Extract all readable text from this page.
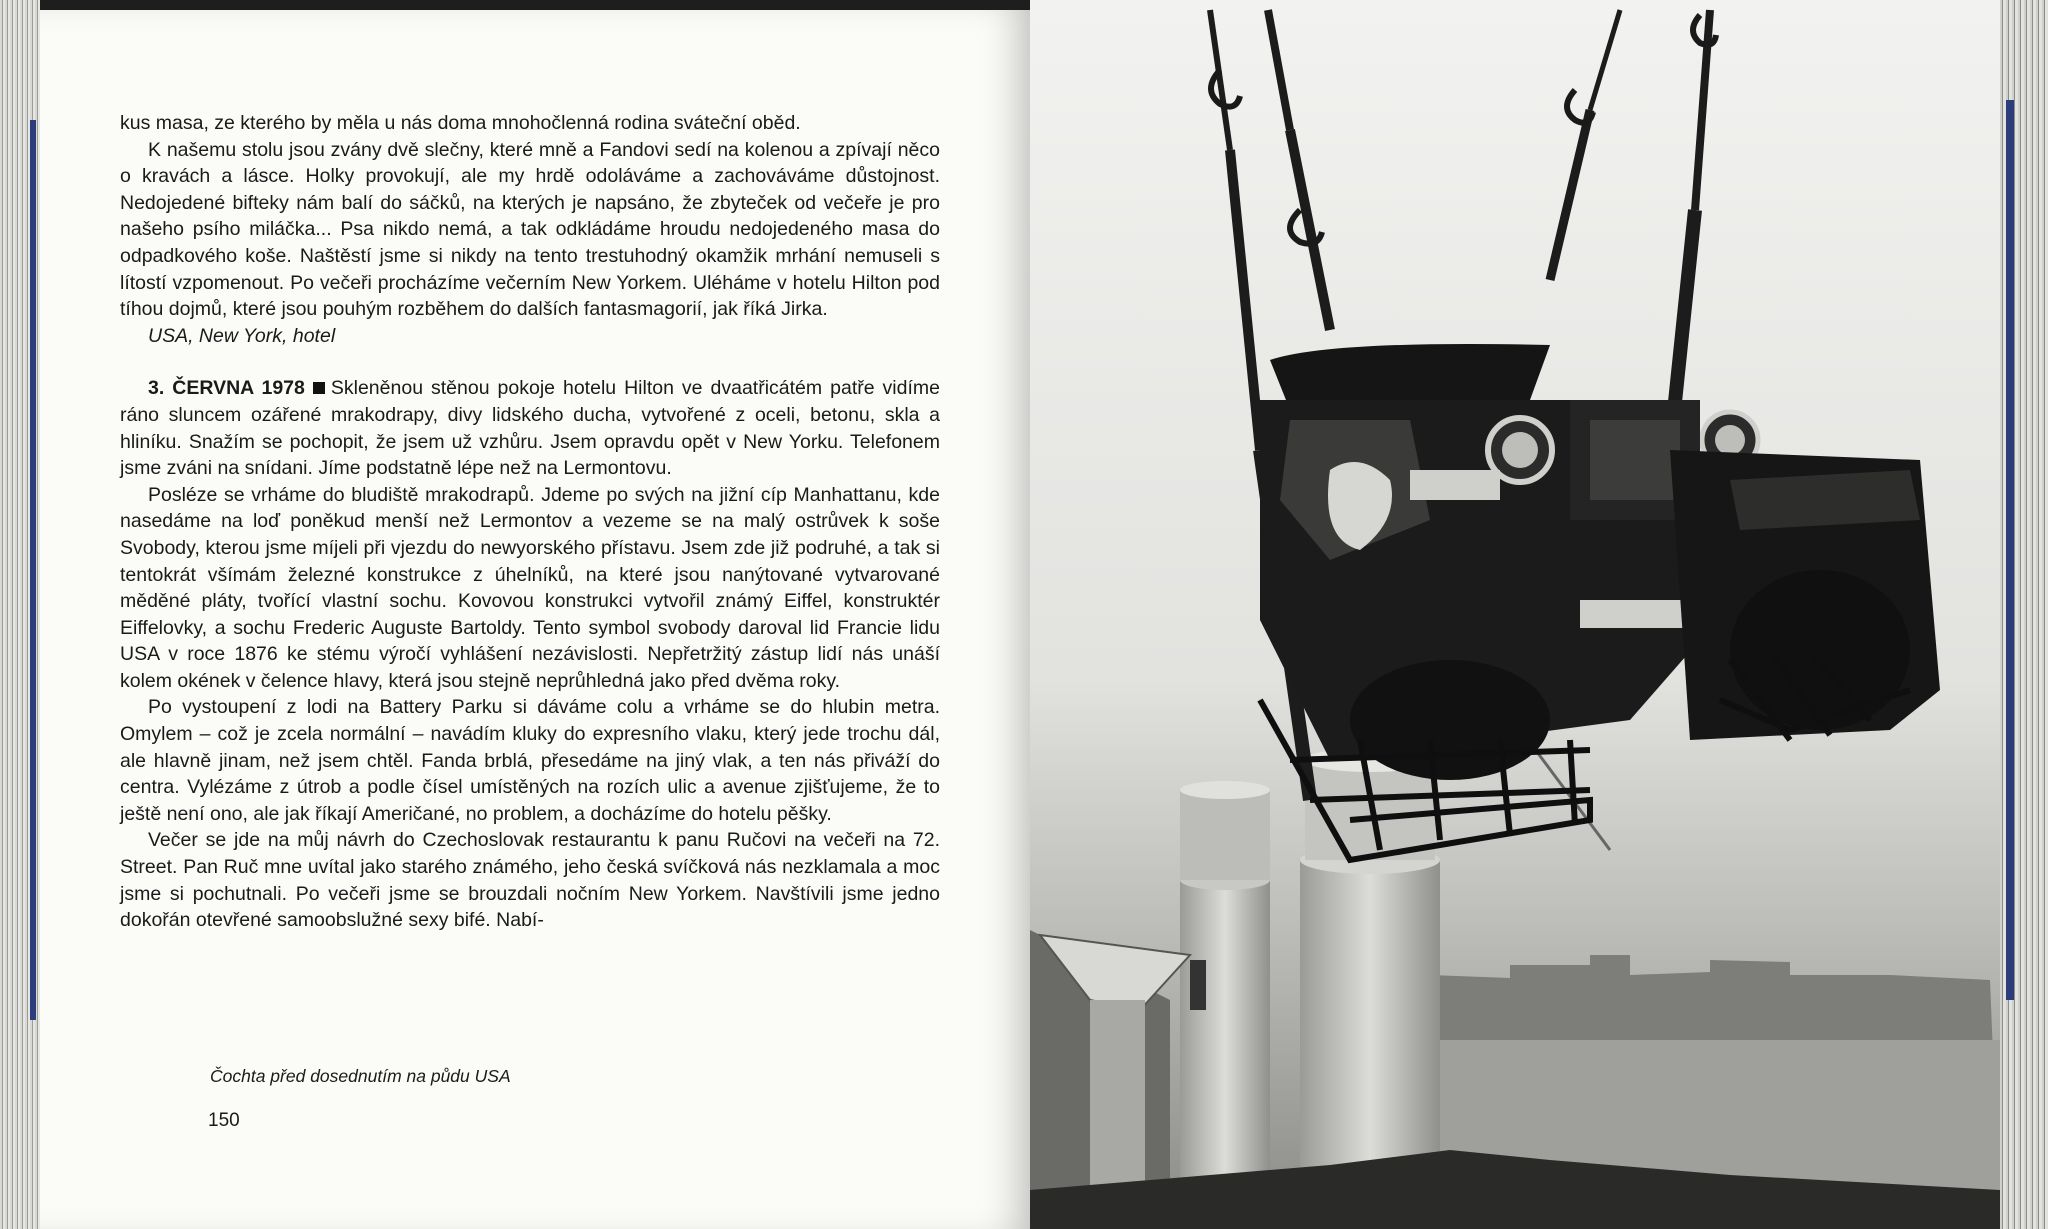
kus masa, ze kterého by měla u nás doma mnohočlenná rodina sváteční oběd.

K našemu stolu jsou zvány dvě slečny, které mně a Fandovi sedí na kolenou a zpívají něco o kravách a lásce. Holky provokují, ale my hrdě odoláváme a zachováváme důstojnost. Nedojedené bifteky nám balí do sáčků, na kterých je napsáno, že zbyteček od večeře je pro našeho psího miláčka... Psa nikdo nemá, a tak odkládáme hroudu nedojedeného masa do odpadkového koše. Naštěstí jsme si nikdy na tento trestuhodný okamžik mrhání nemuseli s lítostí vzpomenout. Po večeři procházíme večerním New Yorkem. Uléháme v hotelu Hilton pod tíhou dojmů, které jsou pouhým rozběhem do dalších fantasmagorií, jak říká Jirka.

USA, New York, hotel

3. ČERVNA 1978 Skleněnou stěnou pokoje hotelu Hilton ve dvaatřicátém patře vidíme ráno sluncem ozářené mrakodrapy, divy lidského ducha, vytvořené z oceli, betonu, skla a hliníku. Snažím se pochopit, že jsem už vzhůru. Jsem opravdu opět v New Yorku. Telefonem jsme zváni na snídani. Jíme podstatně lépe než na Lermontovu.

Posléze se vrháme do bludiště mrakodrapů. Jdeme po svých na jižní cíp Manhattanu, kde nasedáme na loď poněkud menší než Lermontov a vezeme se na malý ostrůvek k soše Svobody, kterou jsme míjeli při vjezdu do newyorského přístavu. Jsem zde již podruhé, a tak si tentokrát všímám železné konstrukce z úhelníků, na které jsou nanýtované vytvarované měděné pláty, tvořící vlastní sochu. Kovovou konstrukci vytvořil známý Eiffel, konstruktér Eiffelovky, a sochu Frederic Auguste Bartoldy. Tento symbol svobody daroval lid Francie lidu USA v roce 1876 ke stému výročí vyhlášení nezávislosti. Nepřetržitý zástup lidí nás unáší kolem okének v čelence hlavy, která jsou stejně neprůhledná jako před dvěma roky.

Po vystoupení z lodi na Battery Parku si dáváme colu a vrháme se do hlubin metra. Omylem – což je zcela normální – navádím kluky do expresního vlaku, který jede trochu dál, ale hlavně jinam, než jsem chtěl. Fanda brblá, přesedáme na jiný vlak, a ten nás přiváží do centra. Vylézáme z útrob a podle čísel umístěných na rozích ulic a avenue zjišťujeme, že to ještě není ono, ale jak říkají Američané, no problem, a docházíme do hotelu pěšky.

Večer se jde na můj návrh do Czechoslovak restaurantu k panu Ručovi na večeři na 72. Street. Pan Ruč mne uvítal jako starého známého, jeho česká svíčková nás nezklamala a moc jsme si pochutnali. Po večeři jsme se brouzdali nočním New Yorkem. Navštívili jsme jedno dokořán otevřené samoobslužné sexy bifé. Nabí-

Čochta před dosednutím na půdu USA
150
